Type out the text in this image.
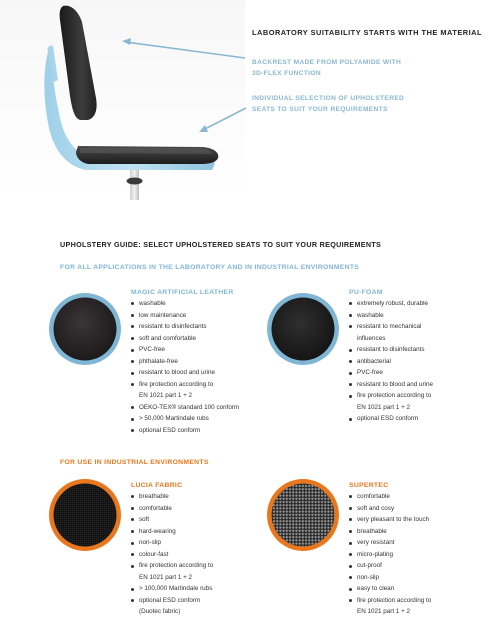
LABORATORY SUITABILITY STARTS WITH THE MATERIAL
BACKREST MADE FROM POLYAMIDE WITH
3D-FLEX FUNCTION
INDIVIDUAL SELECTION OF UPHOLSTERED
SEATS TO SUIT YOUR REQUIREMENTS
UPHOLSTERY GUIDE: SELECT UPHOLSTERED SEATS TO SUIT YOUR REQUIREMENTS
FOR ALL APPLICATIONS IN THE LABORATORY AND IN INDUSTRIAL ENVIRONMENTS
MAGIC ARTIFICIAL LEATHER
washable
low maintenance
resistant to disinfectants
soft and comfortable
PVC-free
phthalate-free
resistant to blood and urine
fire protection according to
EN 1021 part 1 + 2
OEKO-TEX® standard 100 conform
> 50,000 Martindale rubs
optional ESD conform
PU-FOAM
extremely robust, durable
washable
resistant to mechanical
influences
resistant to disinfectants
antibacterial
PVC-free
resistant to blood and urine
fire protection according to
EN 1021 part 1 + 2
optional ESD conform
FOR USE IN INDUSTRIAL ENVIRONMENTS
LUCIA FABRIC
breathable
comfortable
soft
hard-wearing
non-slip
colour-fast
fire protection according to
EN 1021 part 1 + 2
> 100,000 Martindale rubs
optional ESD conform
(Duotec fabric)
SUPERTEC
comfortable
soft and cosy
very pleasant to the touch
breathable
very resistant
micro-plating
cut-proof
non-slip
easy to clean
fire protection according to
EN 1021 part 1 + 2
